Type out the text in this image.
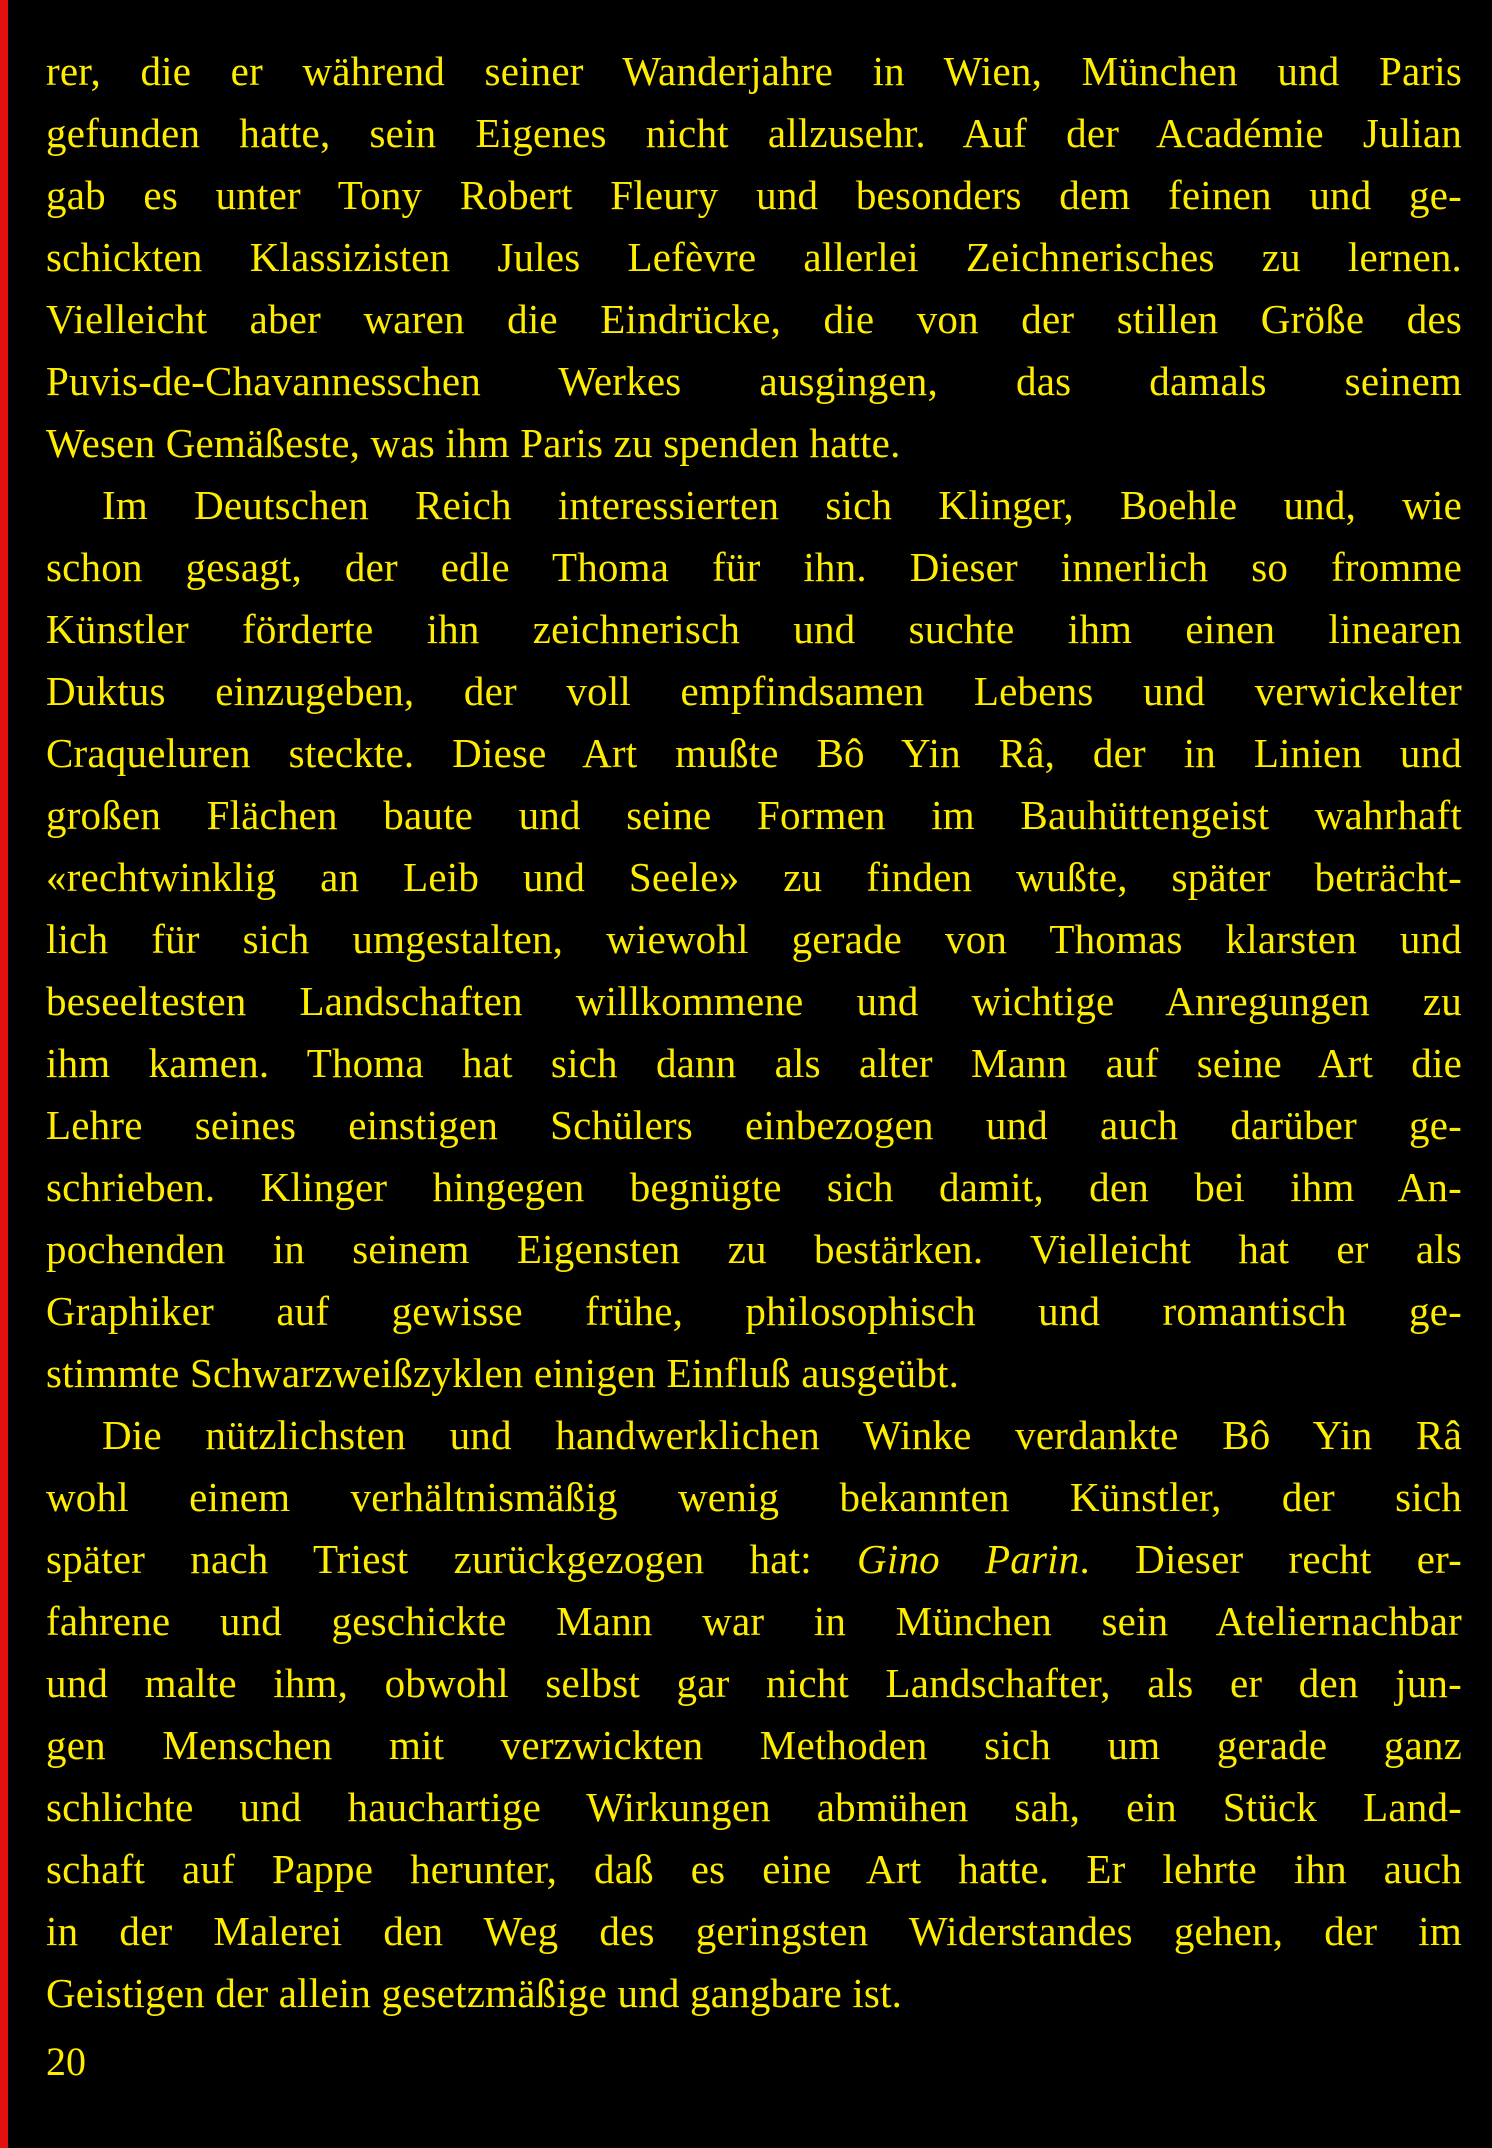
rer, die er während seiner Wanderjahre in Wien, München und Paris
gefunden hatte, sein Eigenes nicht allzusehr. Auf der Académie Julian
gab es unter Tony Robert Fleury und besonders dem feinen und ge-
schickten Klassizisten Jules Lefèvre allerlei Zeichnerisches zu lernen.
Vielleicht aber waren die Eindrücke, die von der stillen Größe des
Puvis-de-Chavannesschen Werkes ausgingen, das damals seinem
Wesen Gemäßeste, was ihm Paris zu spenden hatte.
Im Deutschen Reich interessierten sich Klinger, Boehle und, wie
schon gesagt, der edle Thoma für ihn. Dieser innerlich so fromme
Künstler förderte ihn zeichnerisch und suchte ihm einen linearen
Duktus einzugeben, der voll empfindsamen Lebens und verwickelter
Craqueluren steckte. Diese Art mußte Bô Yin Râ, der in Linien und
großen Flächen baute und seine Formen im Bauhüttengeist wahrhaft
«rechtwinklig an Leib und Seele» zu finden wußte, später beträcht-
lich für sich umgestalten, wiewohl gerade von Thomas klarsten und
beseeltesten Landschaften willkommene und wichtige Anregungen zu
ihm kamen. Thoma hat sich dann als alter Mann auf seine Art die
Lehre seines einstigen Schülers einbezogen und auch darüber ge-
schrieben. Klinger hingegen begnügte sich damit, den bei ihm An-
pochenden in seinem Eigensten zu bestärken. Vielleicht hat er als
Graphiker auf gewisse frühe, philosophisch und romantisch ge-
stimmte Schwarzweißzyklen einigen Einfluß ausgeübt.
Die nützlichsten und handwerklichen Winke verdankte Bô Yin Râ
wohl einem verhältnismäßig wenig bekannten Künstler, der sich
später nach Triest zurückgezogen hat: Gino Parin. Dieser recht er-
fahrene und geschickte Mann war in München sein Ateliernachbar
und malte ihm, obwohl selbst gar nicht Landschafter, als er den jun-
gen Menschen mit verzwickten Methoden sich um gerade ganz
schlichte und hauchartige Wirkungen abmühen sah, ein Stück Land-
schaft auf Pappe herunter, daß es eine Art hatte. Er lehrte ihn auch
in der Malerei den Weg des geringsten Widerstandes gehen, der im
Geistigen der allein gesetzmäßige und gangbare ist.
20
